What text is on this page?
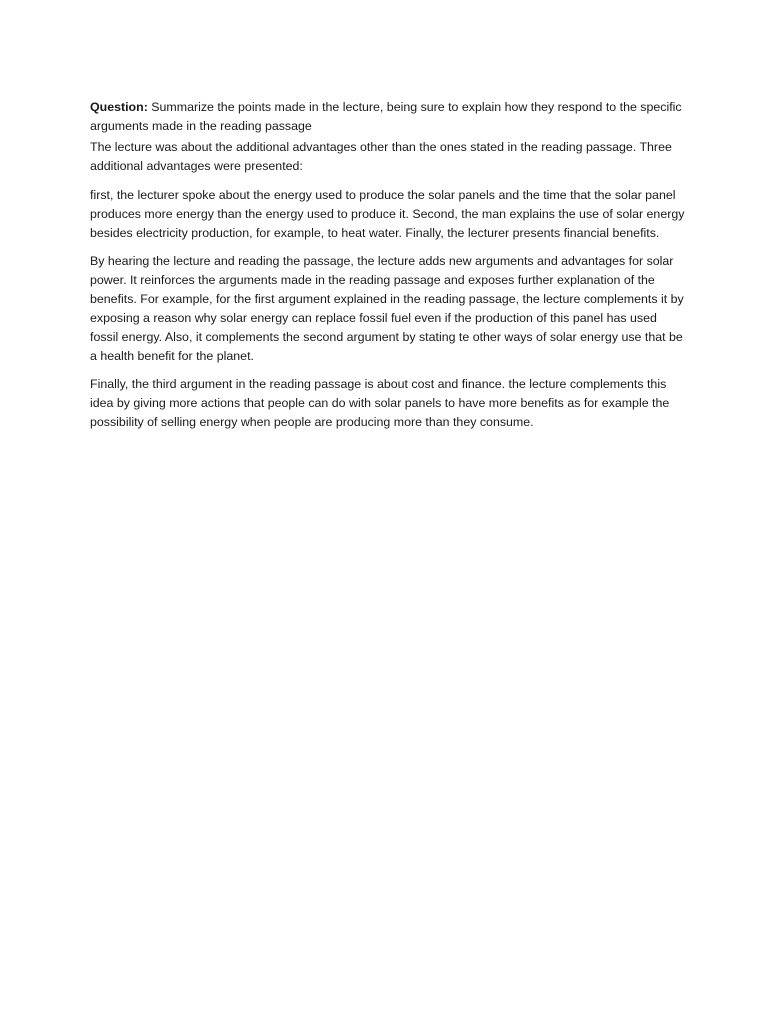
Question: Summarize the points made in the lecture, being sure to explain how they respond to the specific arguments made in the reading passage

The lecture was about the additional advantages other than the ones stated in the reading passage. Three additional advantages were presented:

first, the lecturer spoke about the energy used to produce the solar panels and the time that the solar panel produces more energy than the energy used to produce it. Second, the man explains the use of solar energy besides electricity production, for example, to heat water. Finally, the lecturer presents financial benefits.

By hearing the lecture and reading the passage, the lecture adds new arguments and advantages for solar power. It reinforces the arguments made in the reading passage and exposes further explanation of the benefits. For example, for the first argument explained in the reading passage, the lecture complements it by exposing a reason why solar energy can replace fossil fuel even if the production of this panel has used fossil energy. Also, it complements the second argument by stating te other ways of solar energy use that be a health benefit for the planet.

Finally, the third argument in the reading passage is about cost and finance. the lecture complements this idea by giving more actions that people can do with solar panels to have more benefits as for example the possibility of selling energy when people are producing more than they consume.
